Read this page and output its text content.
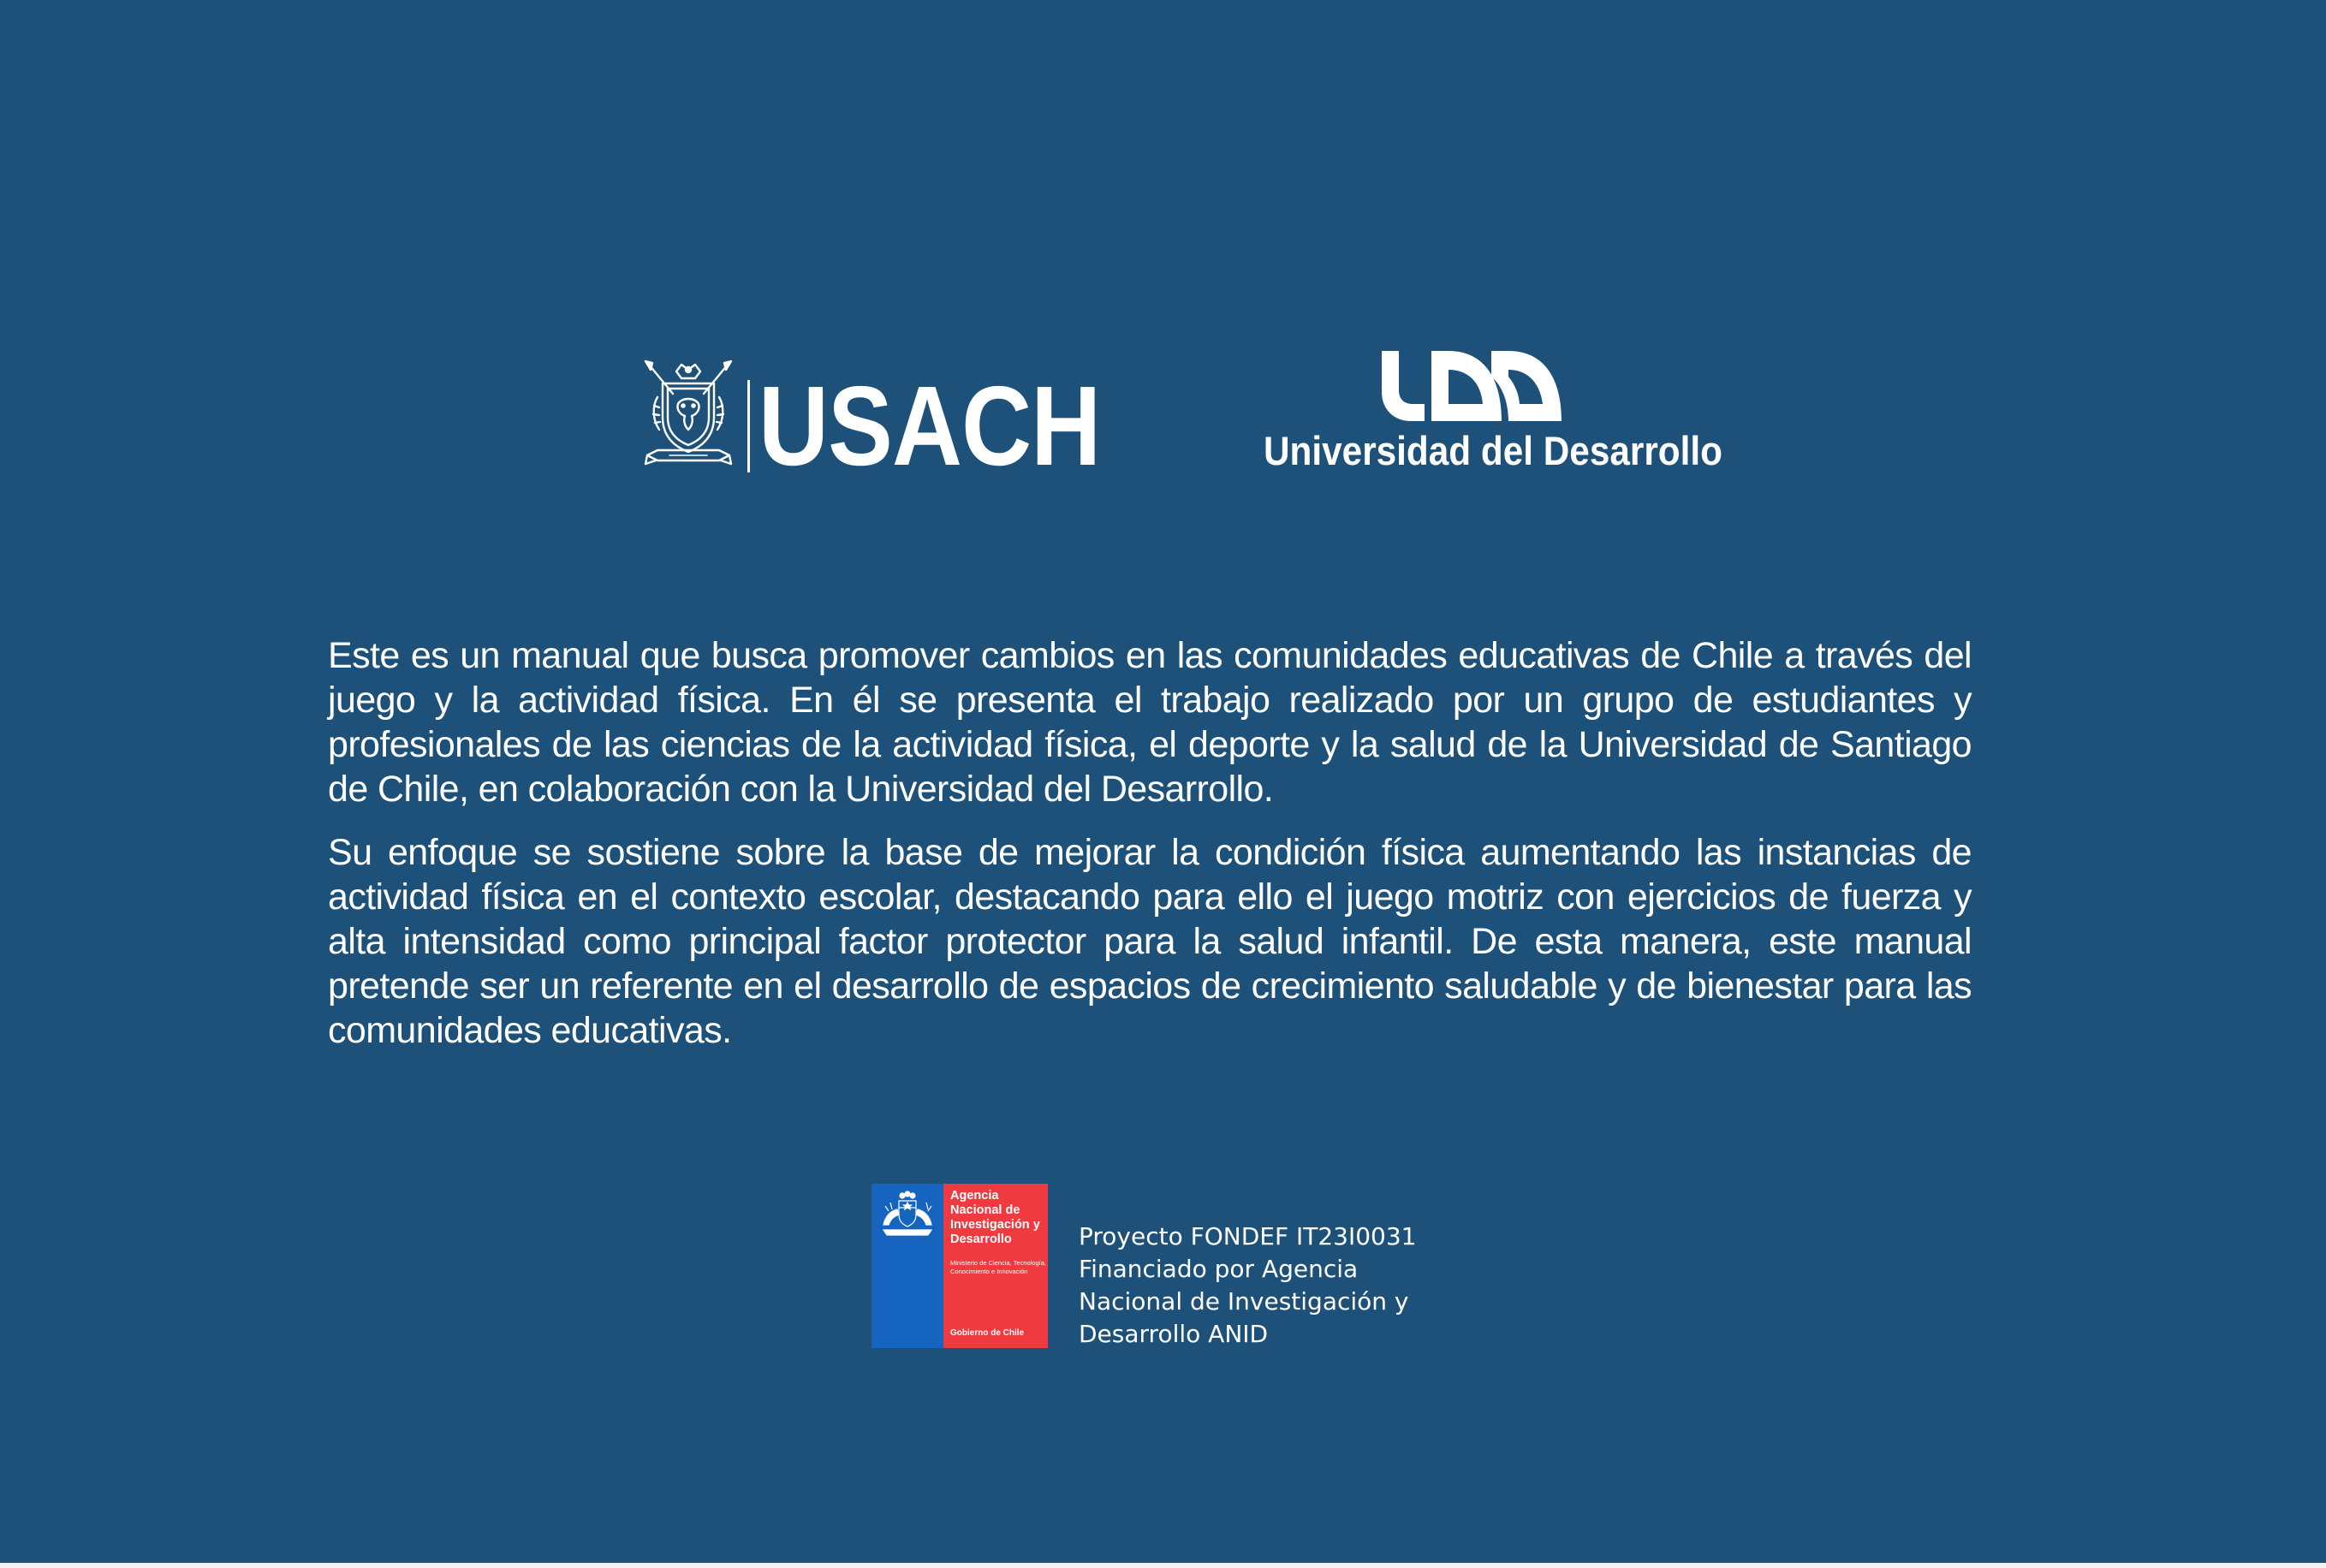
USACH	Universidad del Desarrollo

Este es un manual que busca promover cambios en las comunidades educativas de Chile a través del juego y la actividad física. En él se presenta el trabajo realizado por un grupo de estudiantes y profesionales de las ciencias de la actividad física, el deporte y la salud de la Universidad de Santiago de Chile, en colaboración con la Universidad del Desarrollo.

Su enfoque se sostiene sobre la base de mejorar la condición física aumentando las instancias de actividad física en el contexto escolar, destacando para ello el juego motriz con ejercicios de fuerza y alta intensidad como principal factor protector para la salud infantil. De esta manera, este manual pretende ser un referente en el desarrollo de espacios de crecimiento saludable y de bienestar para las comunidades educativas.

Agencia Nacional de Investigación y Desarrollo
Ministerio de Ciencia, Tecnología, Conocimiento e Innovación
Gobierno de Chile
Proyecto FONDEF IT23I0031
Financiado por Agencia
Nacional de Investigación y
Desarrollo ANID
